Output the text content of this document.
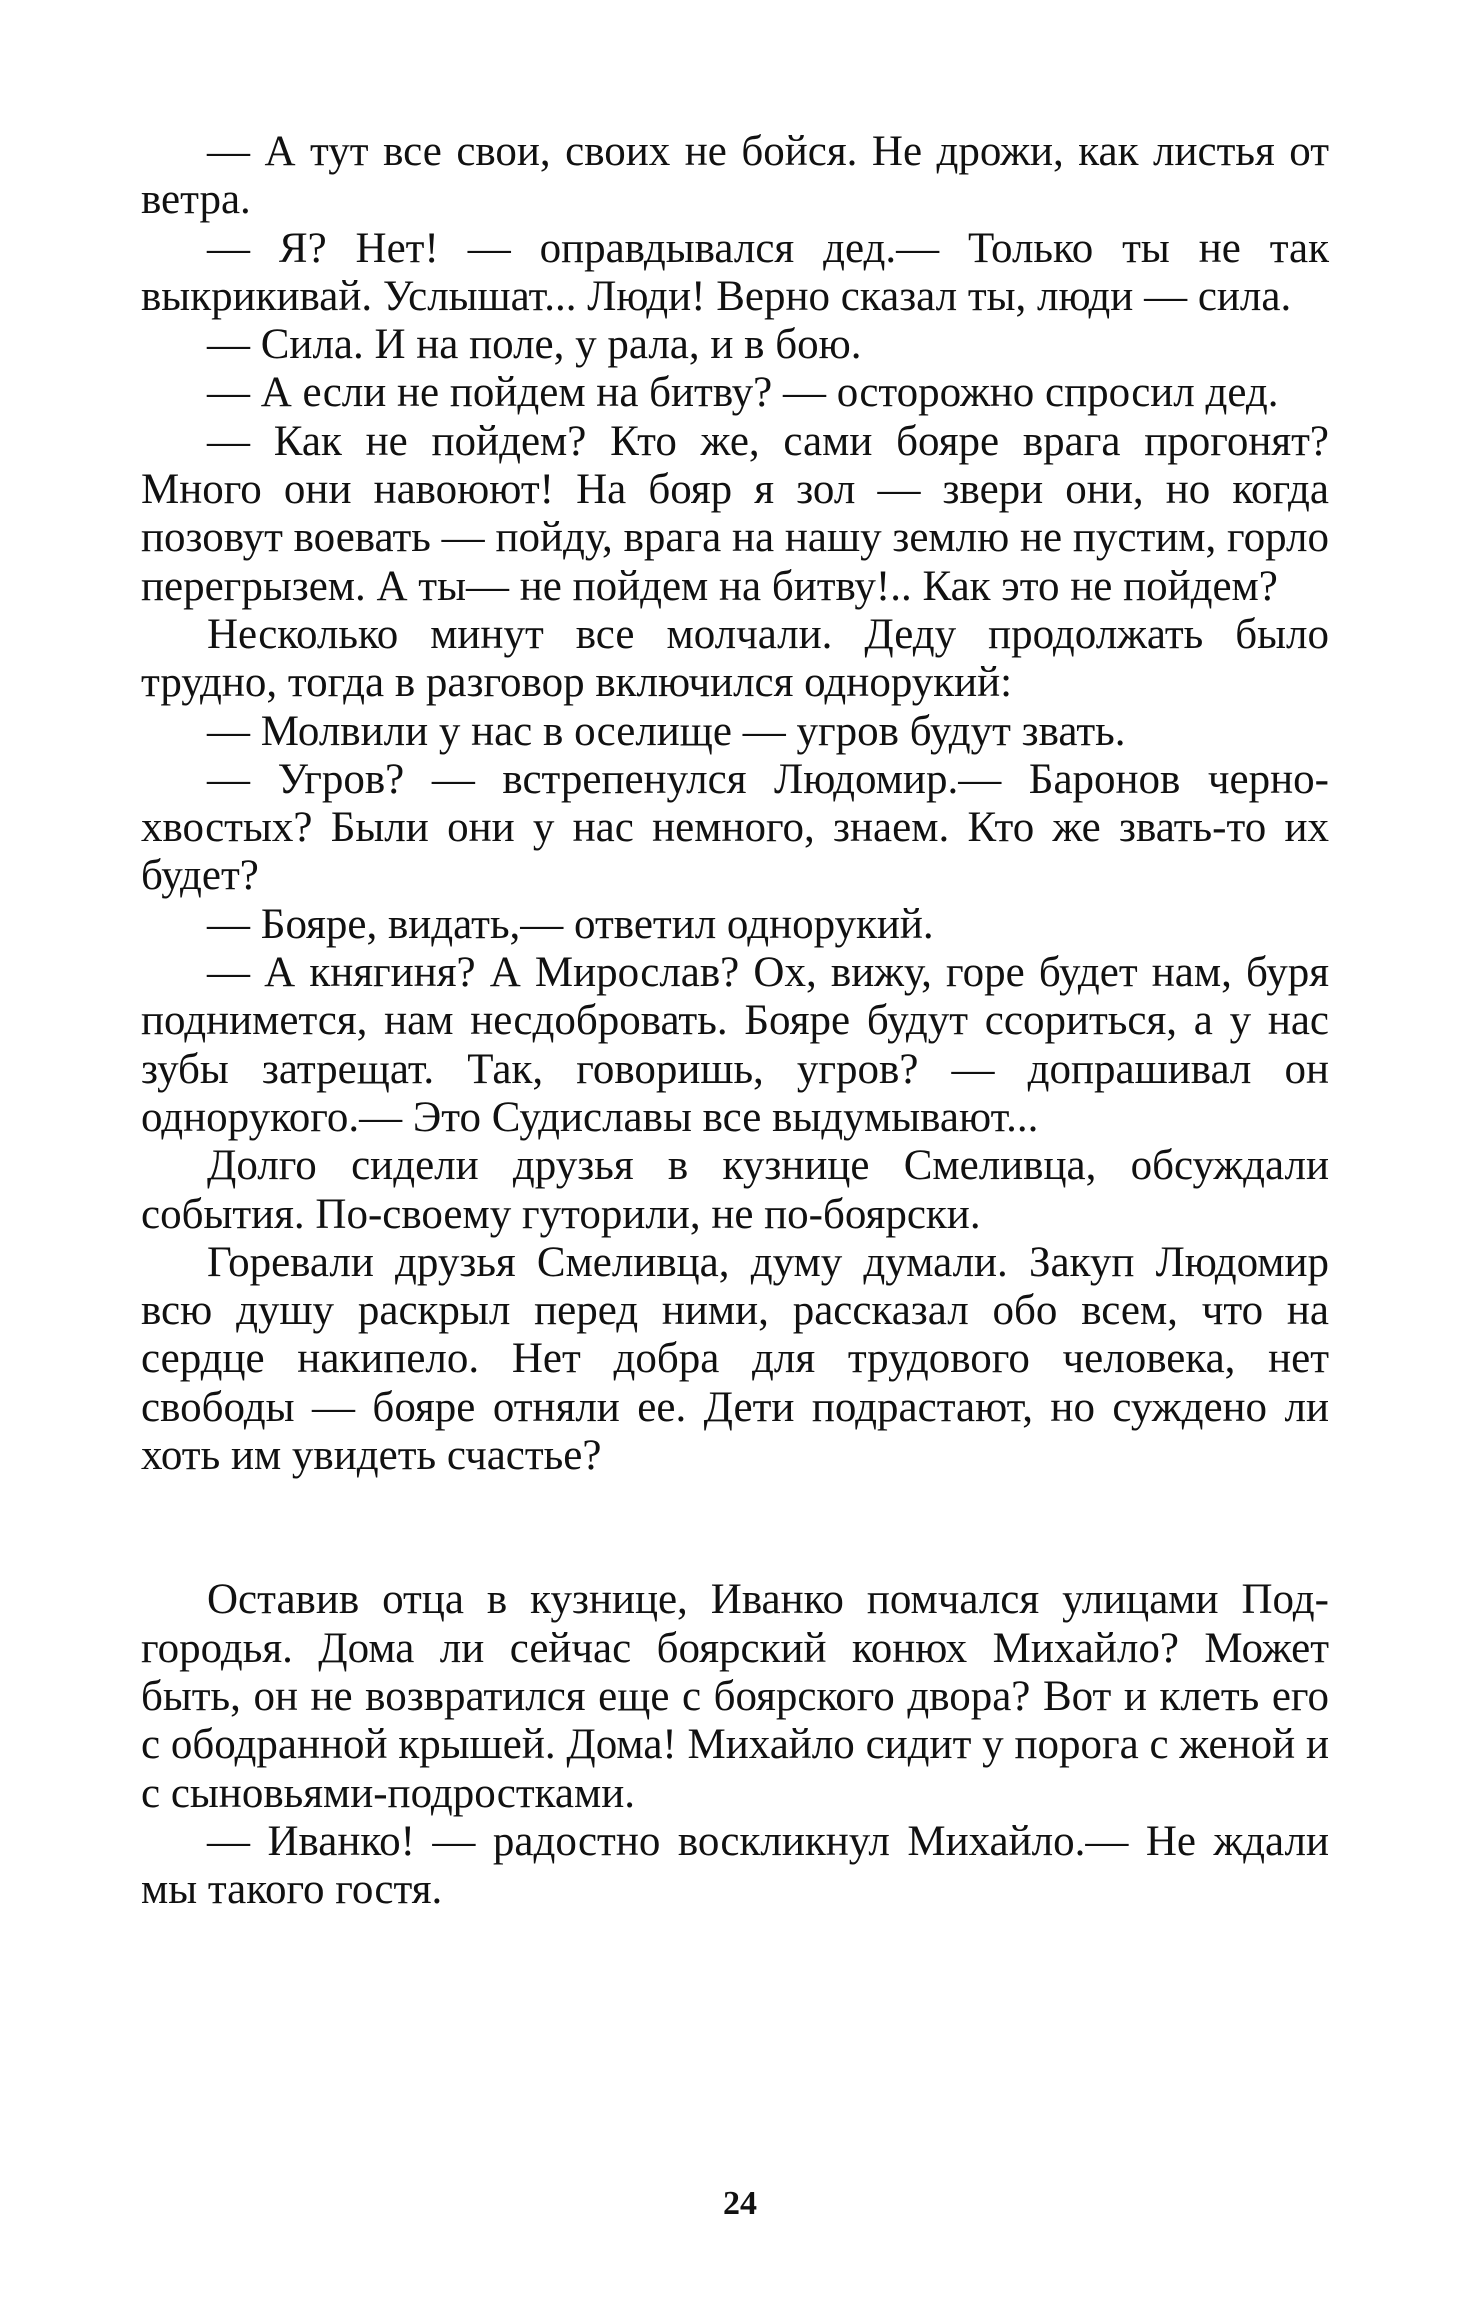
— А тут все свои, своих не бойся. Не дрожи, как листья от ветра.

— Я? Нет! — оправдывался дед.— Только ты не так выкрикивай. Услышат... Люди! Верно сказал ты, люди — сила.

— Сила. И на поле, у рала, и в бою.

— А если не пойдем на битву? — осторожно спросил дед.

— Как не пойдем? Кто же, сами бояре врага прогонят? Много они навоюют! На бояр я зол — звери они, но когда позовут воевать — пойду, врага на нашу землю не пустим, горло перегрызем. А ты— не пойдем на битву!.. Как это не пойдем?

Несколько минут все молчали. Деду продолжать было трудно, тогда в разговор включился однорукий:

— Молвили у нас в оселище — угров будут звать.

— Угров? — встрепенулся Людомир.— Баронов чернохвостых? Были они у нас немного, знаем. Кто же звать-то их будет?

— Бояре, видать,— ответил однорукий.

— А княгиня? А Мирослав? Ох, вижу, горе будет нам, буря поднимется, нам несдобровать. Бояре будут ссориться, а у нас зубы затрещат. Так, говоришь, угров? — допрашивал он однорукого.— Это Судиславы все выдумывают...

Долго сидели друзья в кузнице Смеливца, обсуждали события. По-своему гуторили, не по-боярски.

Горевали друзья Смеливца, думу думали. Закуп Людомир всю душу раскрыл перед ними, рассказал обо всем, что на сердце накипело. Нет добра для трудового человека, нет свободы — бояре отняли ее. Дети подрастают, но суждено ли хоть им увидеть счастье?

Оставив отца в кузнице, Иванко помчался улицами Подгородья. Дома ли сейчас боярский конюх Михайло? Может быть, он не возвратился еще с боярского двора? Вот и клеть его с ободранной крышей. Дома! Михайло сидит у порога с женой и с сыновьями-подростками.

— Иванко! — радостно воскликнул Михайло.— Не ждали мы такого гостя.

24
